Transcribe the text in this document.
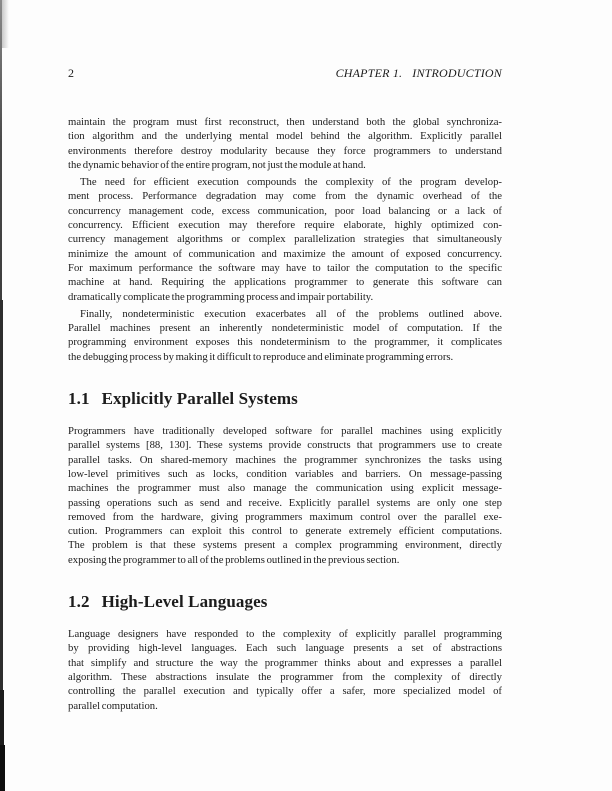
2	CHAPTER 1. INTRODUCTION
maintain the program must first reconstruct, then understand both the global synchroniza-
tion algorithm and the underlying mental model behind the algorithm. Explicitly parallel
environments therefore destroy modularity because they force programmers to understand
the dynamic behavior of the entire program, not just the module at hand.
The need for efficient execution compounds the complexity of the program develop-
ment process. Performance degradation may come from the dynamic overhead of the
concurrency management code, excess communication, poor load balancing or a lack of
concurrency. Efficient execution may therefore require elaborate, highly optimized con-
currency management algorithms or complex parallelization strategies that simultaneously
minimize the amount of communication and maximize the amount of exposed concurrency.
For maximum performance the software may have to tailor the computation to the specific
machine at hand. Requiring the applications programmer to generate this software can
dramatically complicate the programming process and impair portability.
Finally, nondeterministic execution exacerbates all of the problems outlined above.
Parallel machines present an inherently nondeterministic model of computation. If the
programming environment exposes this nondeterminism to the programmer, it complicates
the debugging process by making it difficult to reproduce and eliminate programming errors.
1.1 Explicitly Parallel Systems
Programmers have traditionally developed software for parallel machines using explicitly
parallel systems [88, 130]. These systems provide constructs that programmers use to create
parallel tasks. On shared-memory machines the programmer synchronizes the tasks using
low-level primitives such as locks, condition variables and barriers. On message-passing
machines the programmer must also manage the communication using explicit message-
passing operations such as send and receive. Explicitly parallel systems are only one step
removed from the hardware, giving programmers maximum control over the parallel exe-
cution. Programmers can exploit this control to generate extremely efficient computations.
The problem is that these systems present a complex programming environment, directly
exposing the programmer to all of the problems outlined in the previous section.
1.2 High-Level Languages
Language designers have responded to the complexity of explicitly parallel programming
by providing high-level languages. Each such language presents a set of abstractions
that simplify and structure the way the programmer thinks about and expresses a parallel
algorithm. These abstractions insulate the programmer from the complexity of directly
controlling the parallel execution and typically offer a safer, more specialized model of
parallel computation.
